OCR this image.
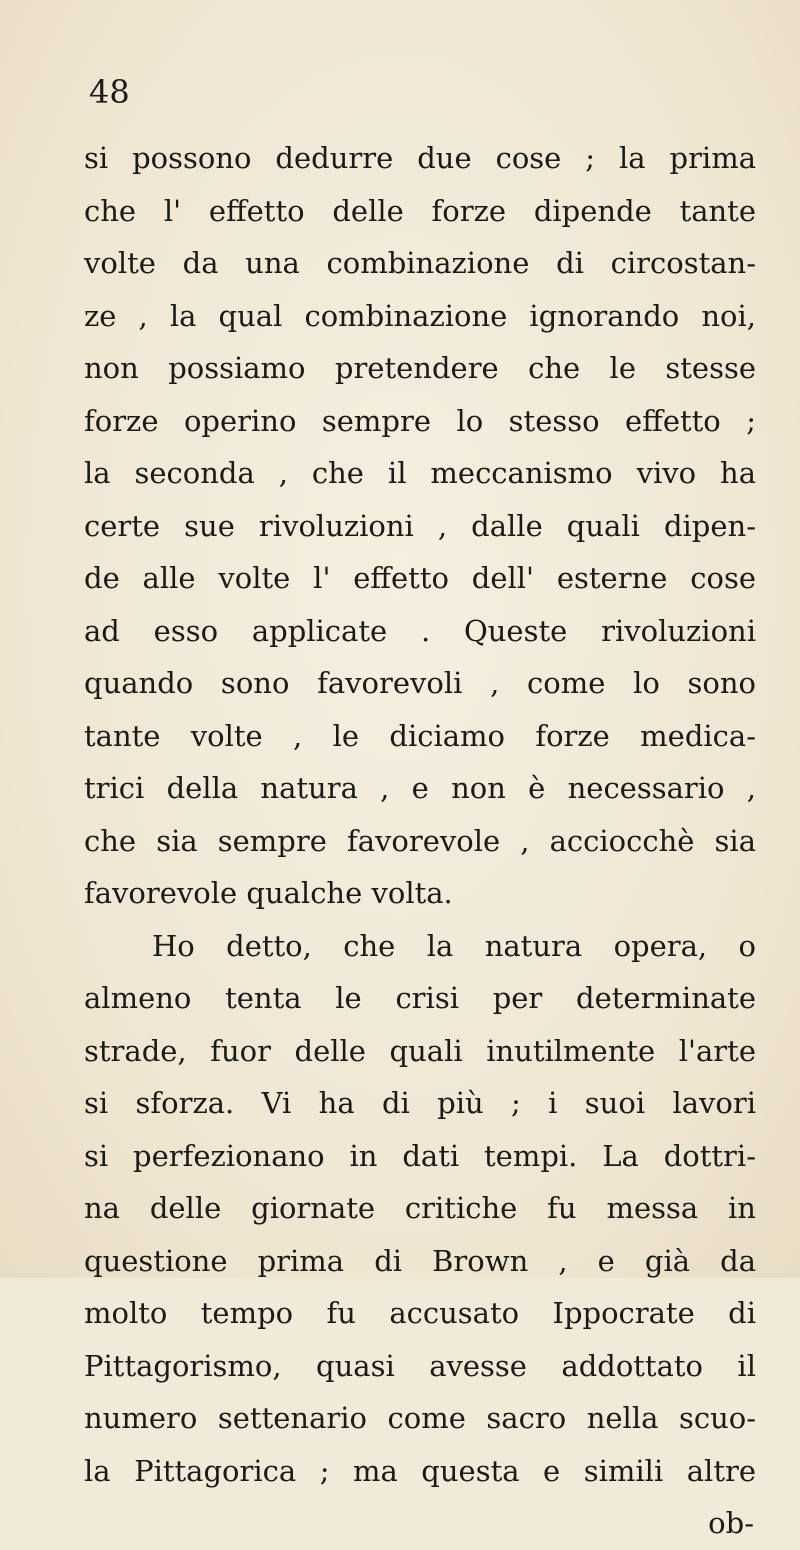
48
si possono dedurre due cose ; la prima
che l' effetto delle forze dipende tante
volte da una combinazione di circostan-
ze , la qual combinazione ignorando noi,
non possiamo pretendere che le stesse
forze operino sempre lo stesso effetto ;
la seconda , che il meccanismo vivo ha
certe sue rivoluzioni , dalle quali dipen-
de alle volte l' effetto dell' esterne cose
ad esso applicate . Queste rivoluzioni
quando sono favorevoli , come lo sono
tante volte , le diciamo forze medica-
trici della natura , e non è necessario ,
che sia sempre favorevole , acciocchè sia
favorevole qualche volta.
Ho detto, che la natura opera, o
almeno tenta le crisi per determinate
strade, fuor delle quali inutilmente l'arte
si sforza. Vi ha di più ; i suoi lavori
si perfezionano in dati tempi. La dottri-
na delle giornate critiche fu messa in
questione prima di Brown , e già da
molto tempo fu accusato Ippocrate di
Pittagorismo, quasi avesse addottato il
numero settenario come sacro nella scuo-
la Pittagorica ; ma questa e simili altre
ob-
